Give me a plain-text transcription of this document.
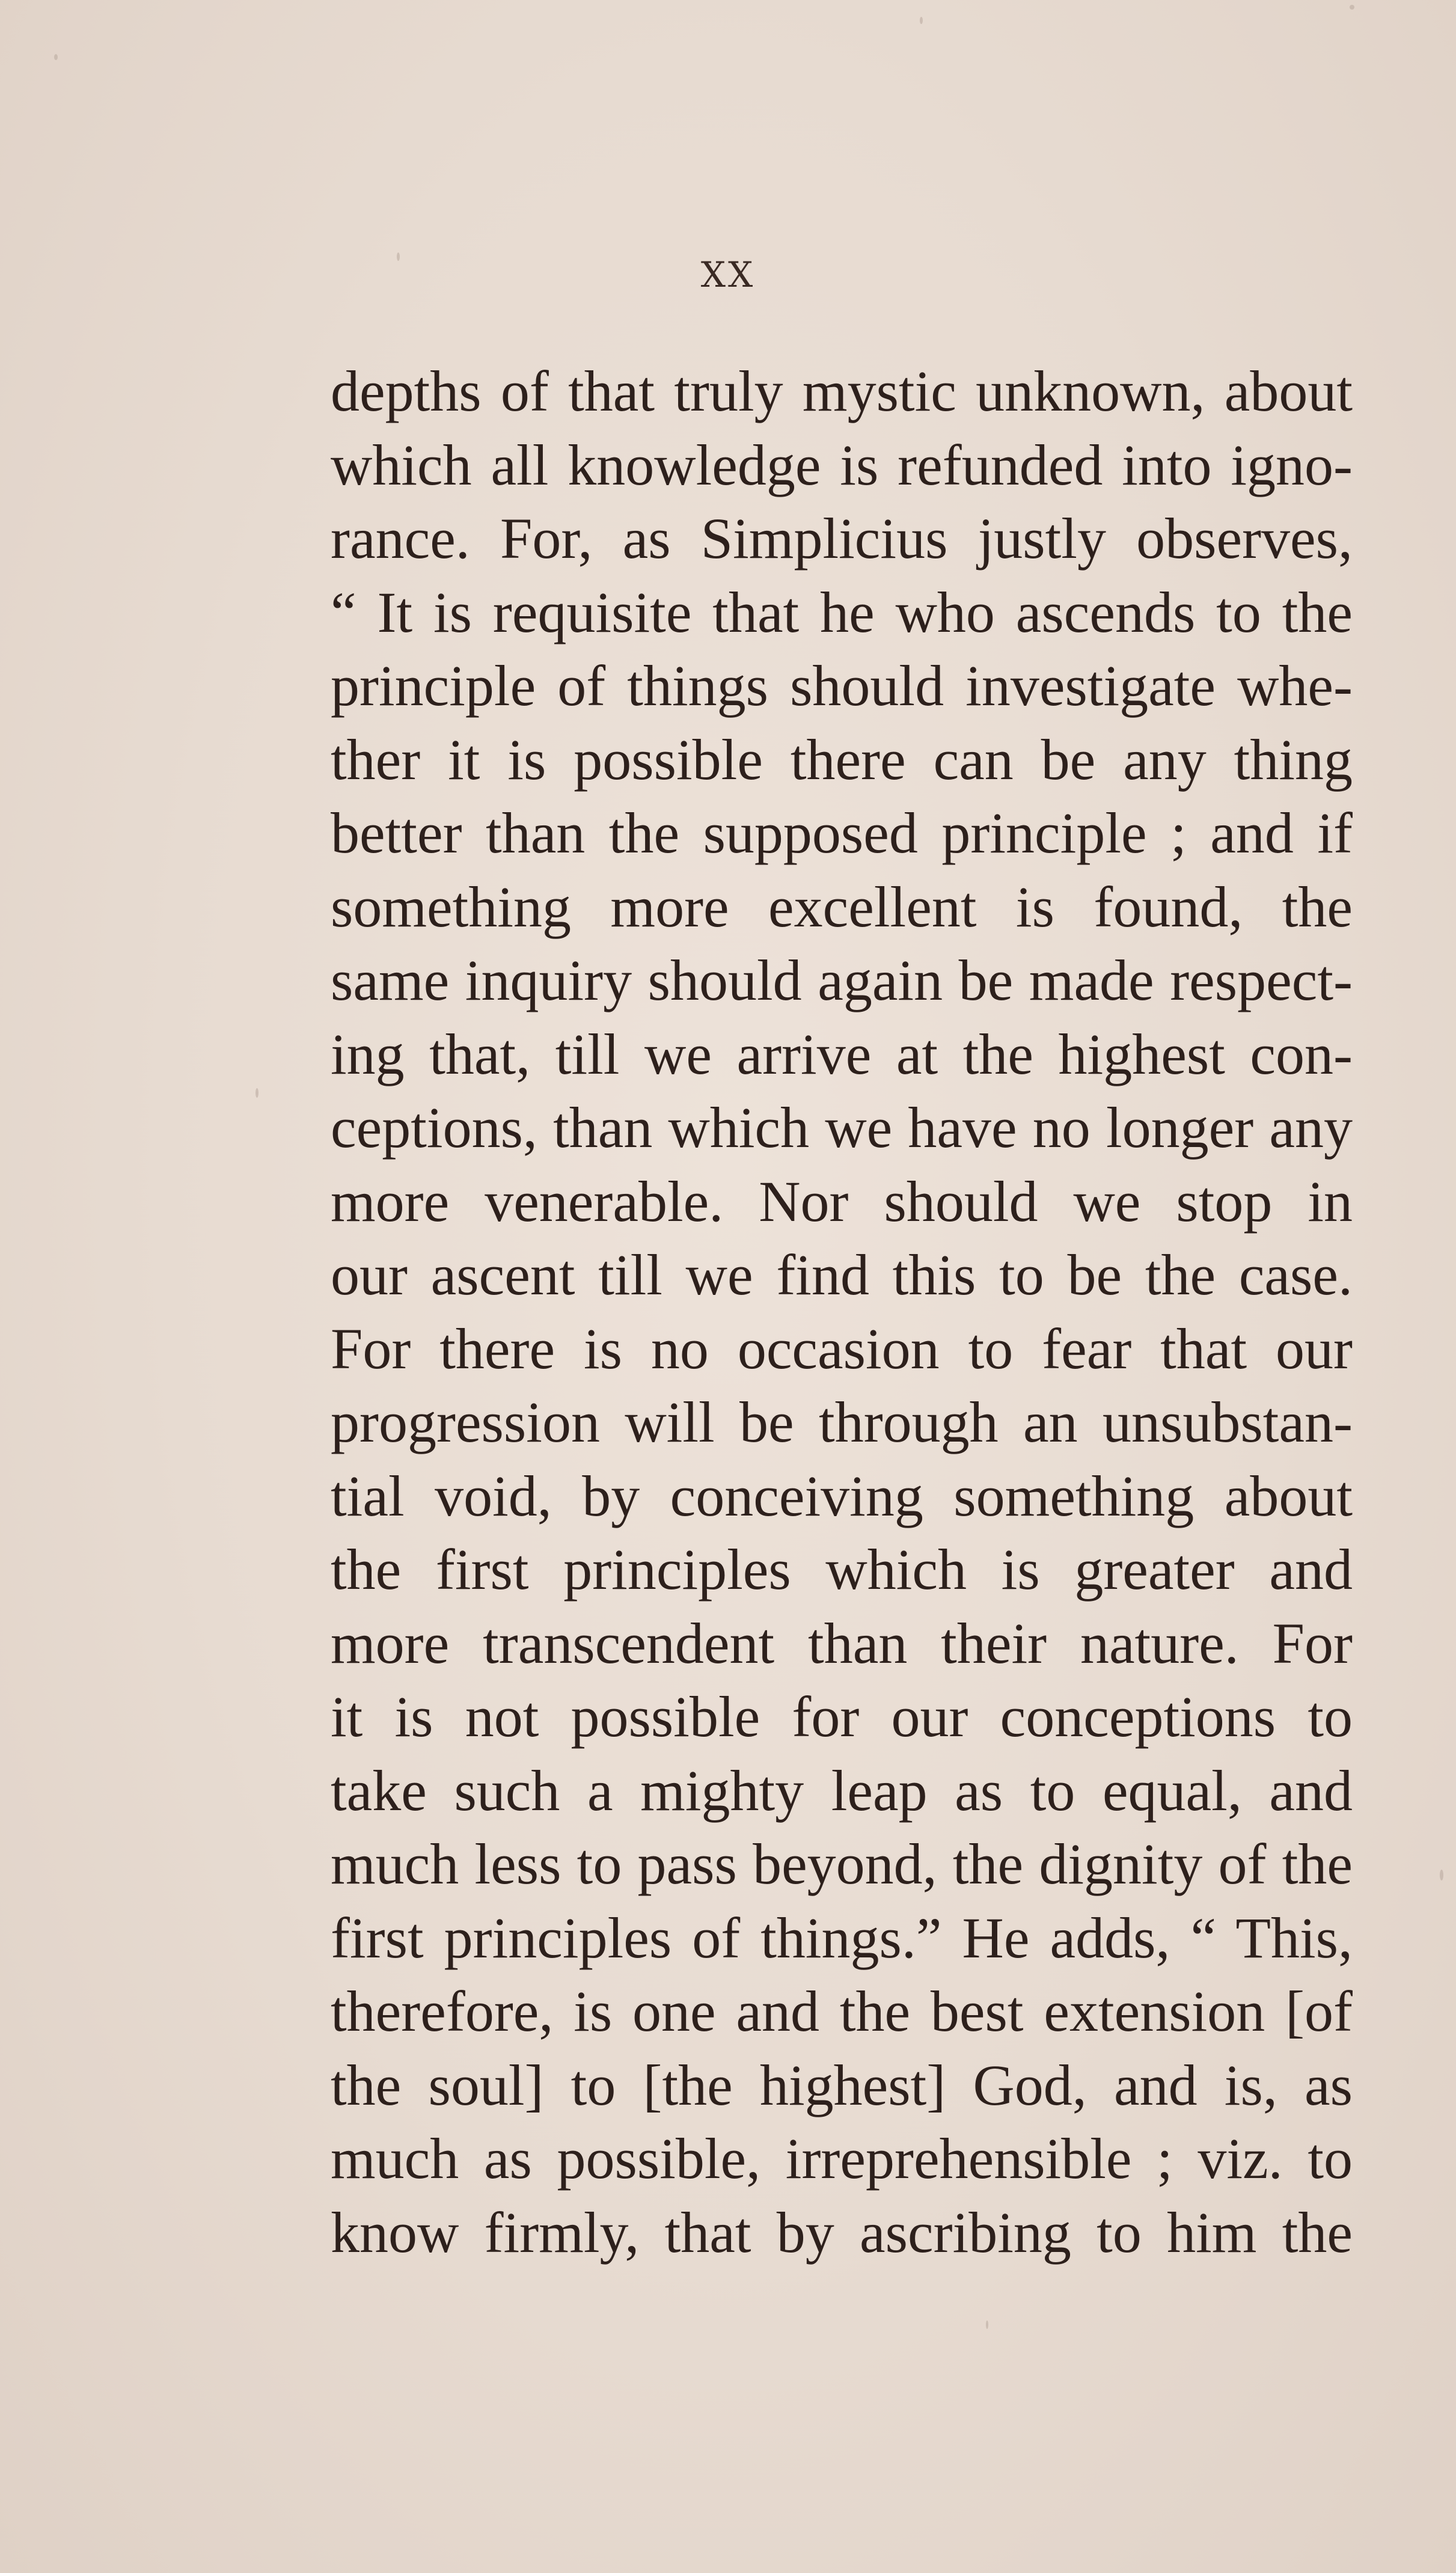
XX
depths of that truly mystic unknown, about
which all knowledge is refunded into igno-
rance. For, as Simplicius justly observes,
“ It is requisite that he who ascends to the
principle of things should investigate whe-
ther it is possible there can be any thing
better than the supposed principle ; and if
something more excellent is found, the
same inquiry should again be made respect-
ing that, till we arrive at the highest con-
ceptions, than which we have no longer any
more venerable. Nor should we stop in
our ascent till we find this to be the case.
For there is no occasion to fear that our
progression will be through an unsubstan-
tial void, by conceiving something about
the first principles which is greater and
more transcendent than their nature. For
it is not possible for our conceptions to
take such a mighty leap as to equal, and
much less to pass beyond, the dignity of the
first principles of things.” He adds, “ This,
therefore, is one and the best extension [of
the soul] to [the highest] God, and is, as
much as possible, irreprehensible ; viz. to
know firmly, that by ascribing to him the
